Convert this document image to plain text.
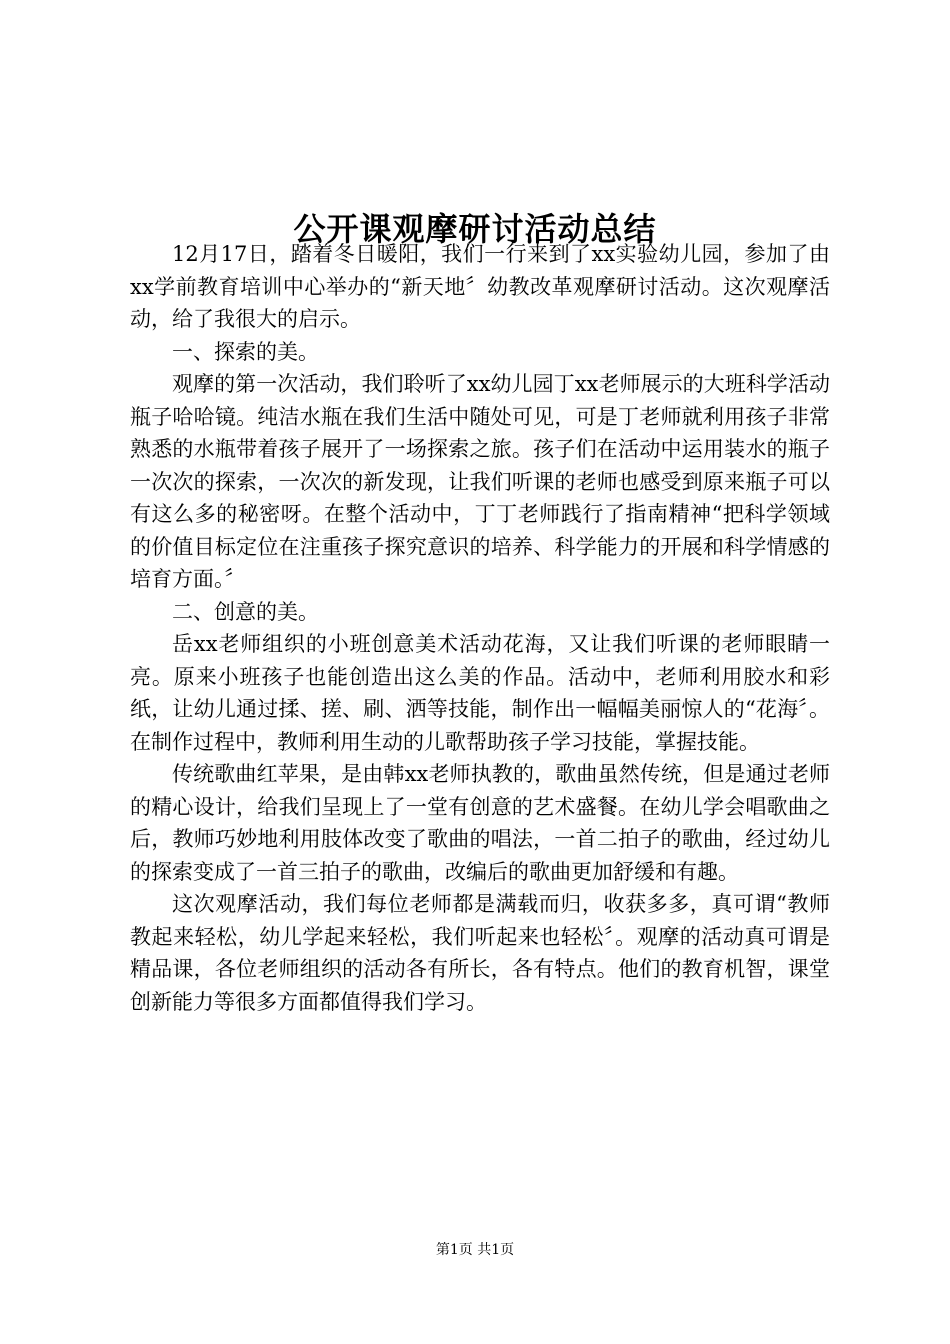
公开课观摩研讨活动总结

12月17日，踏着冬日暖阳，我们一行来到了xx实验幼儿园，参加了由xx学前教育培训中心举办的“新天地〞幼教改革观摩研讨活动。这次观摩活动，给了我很大的启示。

一、探索的美。

观摩的第一次活动，我们聆听了xx幼儿园丁xx老师展示的大班科学活动瓶子哈哈镜。纯洁水瓶在我们生活中随处可见，可是丁老师就利用孩子非常熟悉的水瓶带着孩子展开了一场探索之旅。孩子们在活动中运用装水的瓶子一次次的探索，一次次的新发现，让我们听课的老师也感受到原来瓶子可以有这么多的秘密呀。在整个活动中，丁丁老师践行了指南精神“把科学领域的价值目标定位在注重孩子探究意识的培养、科学能力的开展和科学情感的培育方面。〞

二、创意的美。

岳xx老师组织的小班创意美术活动花海，又让我们听课的老师眼睛一亮。原来小班孩子也能创造出这么美的作品。活动中，老师利用胶水和彩纸，让幼儿通过揉、搓、刷、洒等技能，制作出一幅幅美丽惊人的“花海〞。在制作过程中，教师利用生动的儿歌帮助孩子学习技能，掌握技能。

传统歌曲红苹果，是由韩xx老师执教的，歌曲虽然传统，但是通过老师的精心设计，给我们呈现上了一堂有创意的艺术盛餐。在幼儿学会唱歌曲之后，教师巧妙地利用肢体改变了歌曲的唱法，一首二拍子的歌曲，经过幼儿的探索变成了一首三拍子的歌曲，改编后的歌曲更加舒缓和有趣。

这次观摩活动，我们每位老师都是满载而归，收获多多，真可谓“教师教起来轻松，幼儿学起来轻松，我们听起来也轻松〞。观摩的活动真可谓是精品课，各位老师组织的活动各有所长，各有特点。他们的教育机智，课堂创新能力等很多方面都值得我们学习。

第1页 共1页
